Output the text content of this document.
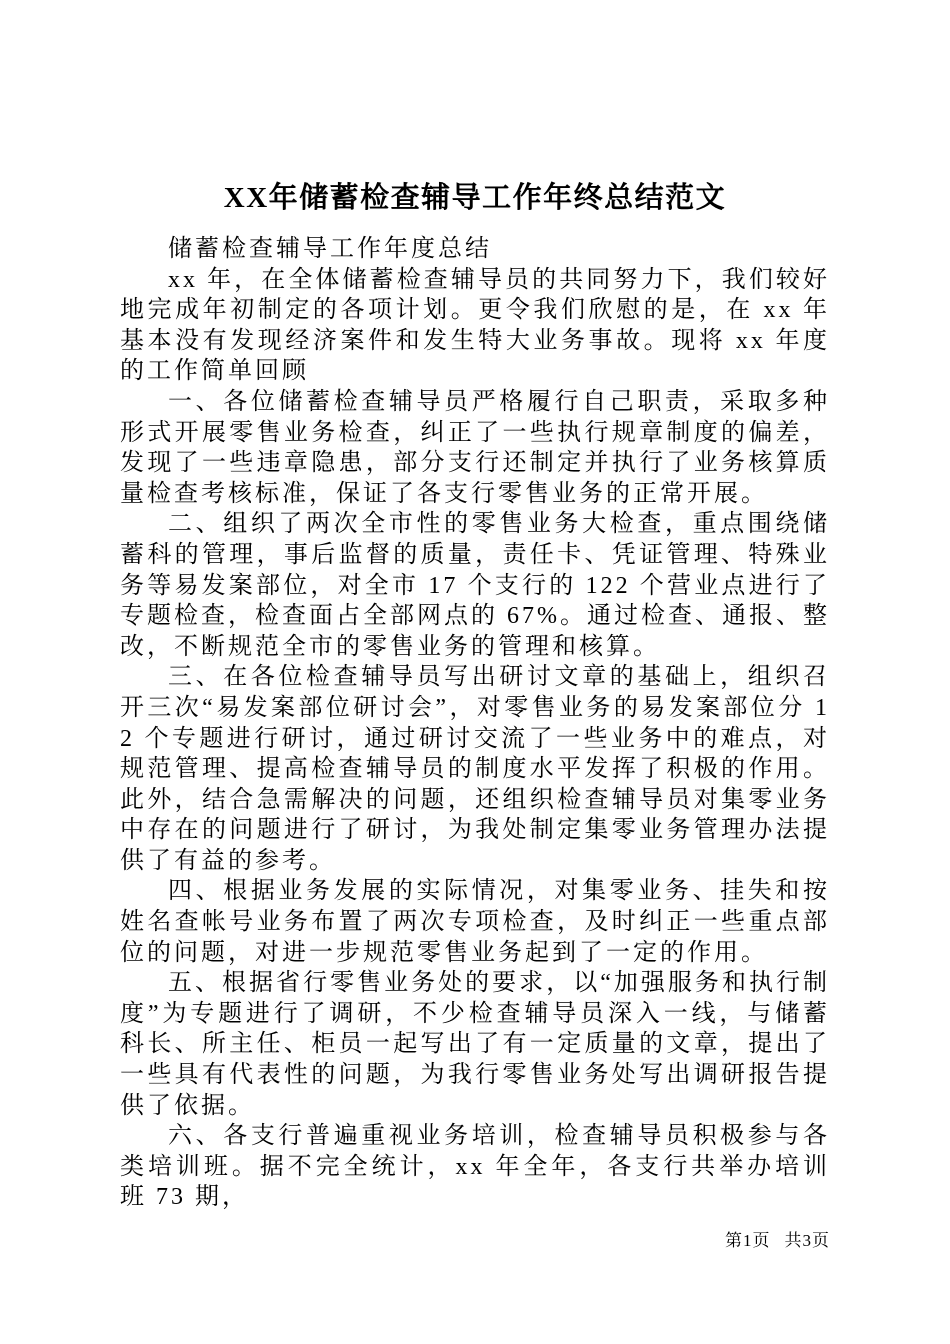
XX年储蓄检查辅导工作年终总结范文

储蓄检查辅导工作年度总结

xx 年，在全体储蓄检查辅导员的共同努力下，我们较好地完成年初制定的各项计划。更令我们欣慰的是，在 xx 年基本没有发现经济案件和发生特大业务事故。现将 xx 年度的工作简单回顾

一、各位储蓄检查辅导员严格履行自己职责，采取多种形式开展零售业务检查，纠正了一些执行规章制度的偏差，发现了一些违章隐患，部分支行还制定并执行了业务核算质量检查考核标准，保证了各支行零售业务的正常开展。

二、组织了两次全市性的零售业务大检查，重点围绕储蓄科的管理，事后监督的质量，责任卡、凭证管理、特殊业务等易发案部位，对全市 17 个支行的 122 个营业点进行了专题检查，检查面占全部网点的 67%。通过检查、通报、整改，不断规范全市的零售业务的管理和核算。

三、在各位检查辅导员写出研讨文章的基础上，组织召开三次“易发案部位研讨会”，对零售业务的易发案部位分 12 个专题进行研讨，通过研讨交流了一些业务中的难点，对规范管理、提高检查辅导员的制度水平发挥了积极的作用。此外，结合急需解决的问题，还组织检查辅导员对集零业务中存在的问题进行了研讨，为我处制定集零业务管理办法提供了有益的参考。

四、根据业务发展的实际情况，对集零业务、挂失和按姓名查帐号业务布置了两次专项检查，及时纠正一些重点部位的问题，对进一步规范零售业务起到了一定的作用。

五、根据省行零售业务处的要求，以“加强服务和执行制度”为专题进行了调研，不少检查辅导员深入一线，与储蓄科长、所主任、柜员一起写出了有一定质量的文章，提出了一些具有代表性的问题，为我行零售业务处写出调研报告提供了依据。

六、各支行普遍重视业务培训，检查辅导员积极参与各类培训班。据不完全统计，xx 年全年，各支行共举办培训班 73 期，

第1页 共3页
